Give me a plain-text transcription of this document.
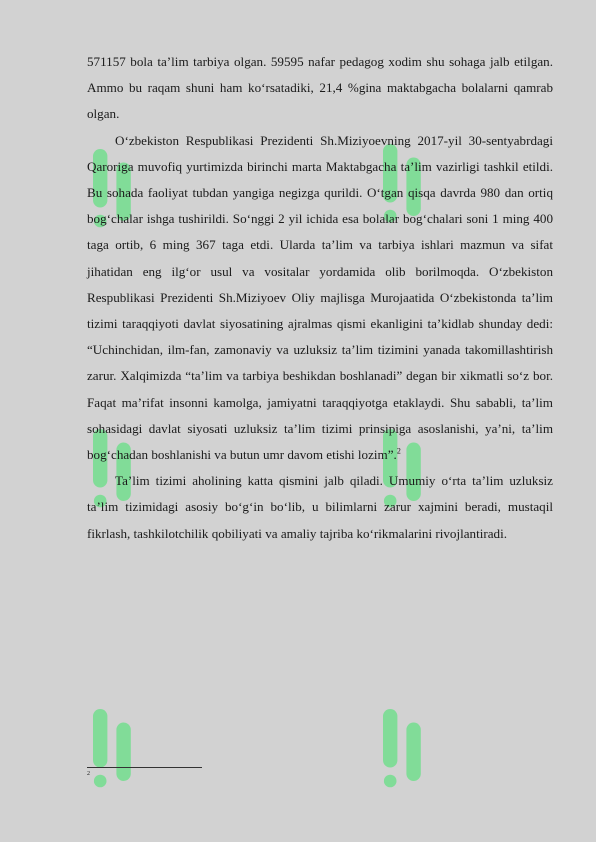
571157 bola ta’lim tarbiya olgan. 59595 nafar pedagog xodim shu sohaga jalb etilgan. Ammo bu raqam shuni ham ko‘rsatadiki, 21,4 %gina maktabgacha bolalarni qamrab olgan.

O‘zbekiston Respublikasi Prezidenti Sh.Miziyoevning 2017-yil 30-sentyabrdagi Qaroriga muvofiq yurtimizda birinchi marta Maktabgacha ta’lim vazirligi tashkil etildi. Bu sohada faoliyat tubdan yangiga negizga qurildi. O‘tgan qisqa davrda 980 dan ortiq bog‘chalar ishga tushirildi. So‘nggi 2 yil ichida esa bolalar bog‘chalari soni 1 ming 400 taga ortib, 6 ming 367 taga etdi. Ularda ta’lim va tarbiya ishlari mazmun va sifat jihatidan eng ilg‘or usul va vositalar yordamida olib borilmoqda. O‘zbekiston Respublikasi Prezidenti Sh.Miziyoev Oliy majlisga Murojaatida O‘zbekistonda ta’lim tizimi taraqqiyoti davlat siyosatining ajralmas qismi ekanligini ta’kidlab shunday dedi: “Uchinchidan, ilm-fan, zamonaviy va uzluksiz ta’lim tizimini yanada takomillashtirish zarur. Xalqimizda “ta’lim va tarbiya beshikdan boshlanadi” degan bir xikmatli so‘z bor. Faqat ma’rifat insonni kamolga, jamiyatni taraqqiyotga etaklaydi. Shu sababli, ta’lim sohasidagi davlat siyosati uzluksiz ta’lim tizimi prinsipiga asoslanishi, ya’ni, ta’lim bog‘chadan boshlanishi va butun umr davom etishi lozim”.$^2$

Ta’lim tizimi aholining katta qismini jalb qiladi. Umumiy o‘rta ta’lim uzluksiz ta’lim tizimidagi asosiy bo‘g‘in bo‘lib, u bilimlarni zarur xajmini beradi, mustaqil fikrlash, tashkilotchilik qobiliyati va amaliy tajriba ko‘rikmalarini rivojlantiradi.

2
